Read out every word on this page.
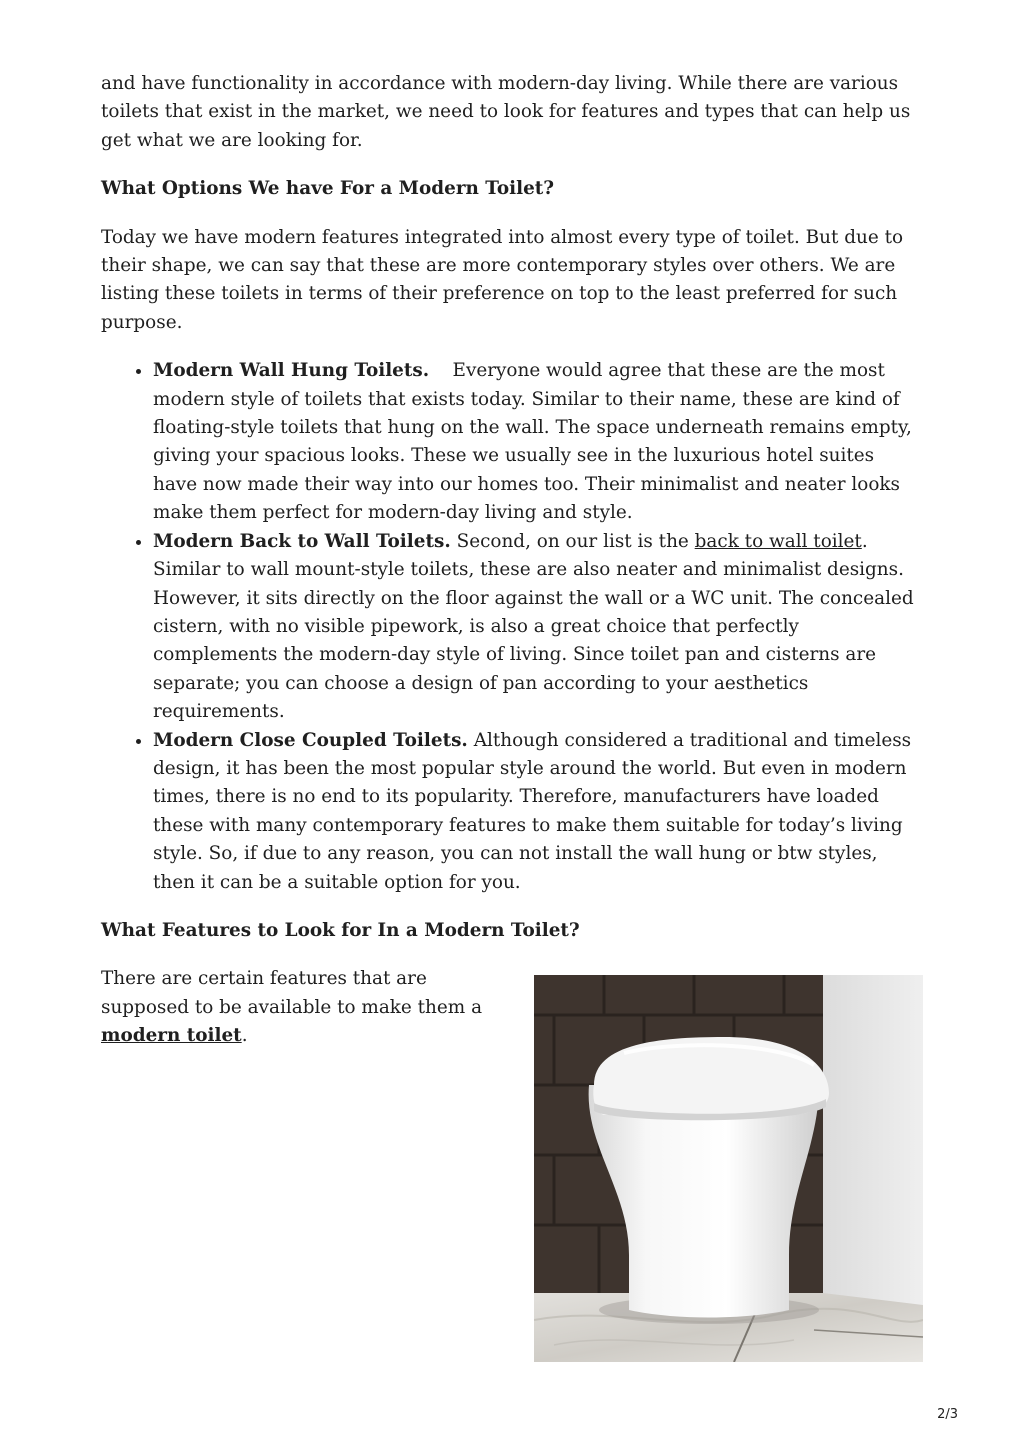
and have functionality in accordance with modern-day living. While there are various toilets that exist in the market, we need to look for features and types that can help us get what we are looking for.

What Options We have For a Modern Toilet?

Today we have modern features integrated into almost every type of toilet. But due to their shape, we can say that these are more contemporary styles over others. We are listing these toilets in terms of their preference on top to the least preferred for such purpose.

• Modern Wall Hung Toilets. Everyone would agree that these are the most modern style of toilets that exists today. Similar to their name, these are kind of floating-style toilets that hung on the wall. The space underneath remains empty, giving your spacious looks. These we usually see in the luxurious hotel suites have now made their way into our homes too. Their minimalist and neater looks make them perfect for modern-day living and style.
• Modern Back to Wall Toilets. Second, on our list is the back to wall toilet. Similar to wall mount-style toilets, these are also neater and minimalist designs. However, it sits directly on the floor against the wall or a WC unit. The concealed cistern, with no visible pipework, is also a great choice that perfectly complements the modern-day style of living. Since toilet pan and cisterns are separate; you can choose a design of pan according to your aesthetics requirements.
• Modern Close Coupled Toilets. Although considered a traditional and timeless design, it has been the most popular style around the world. But even in modern times, there is no end to its popularity. Therefore, manufacturers have loaded these with many contemporary features to make them suitable for today’s living style. So, if due to any reason, you can not install the wall hung or btw styles, then it can be a suitable option for you.
What Features to Look for In a Modern Toilet?

There are certain features that are supposed to be available to make them a modern toilet.

2/3
